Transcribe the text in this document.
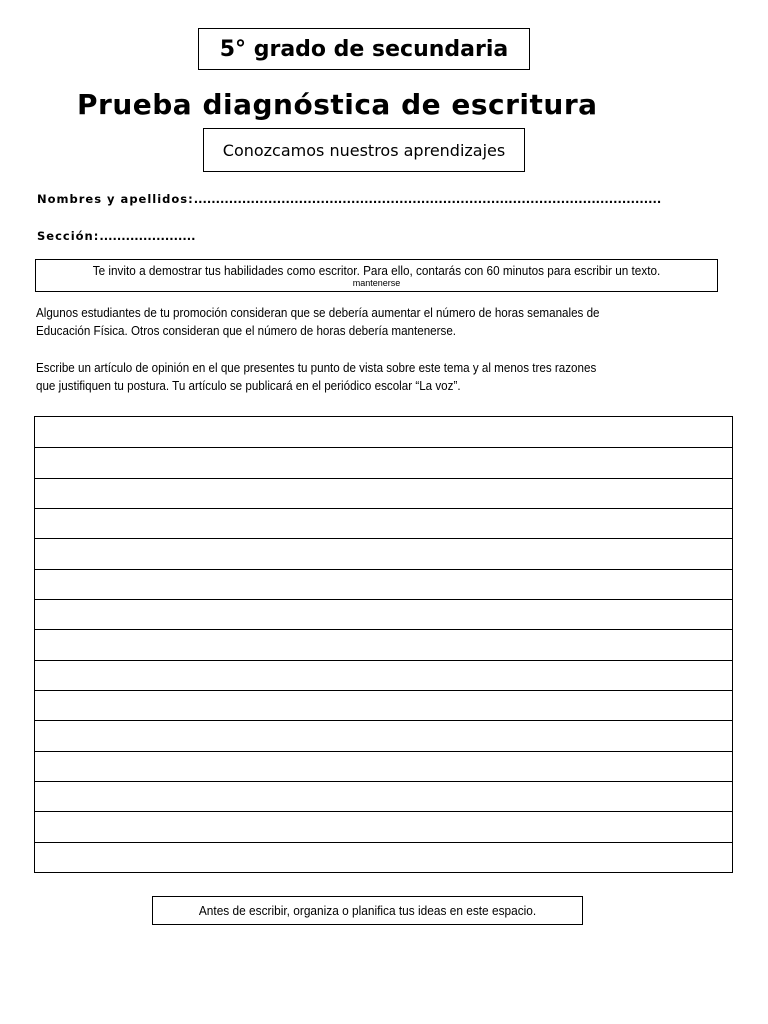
5° grado de secundaria
Prueba diagnóstica de escritura
Conozcamos nuestros aprendizajes
Nombres y apellidos:...........................................................................................................
Sección:......................
Te invito a demostrar tus habilidades como escritor. Para ello, contarás con 60 minutos para escribir un texto.
mantenerse
Algunos estudiantes de tu promoción consideran que se debería aumentar el número de horas semanales de
Educación Física. Otros consideran que el número de horas debería mantenerse.
Escribe un artículo de opinión en el que presentes tu punto de vista sobre este tema y al menos tres razones
que justifiquen tu postura. Tu artículo se publicará en el periódico escolar “La voz”.
Antes de escribir, organiza o planifica tus ideas en este espacio.
